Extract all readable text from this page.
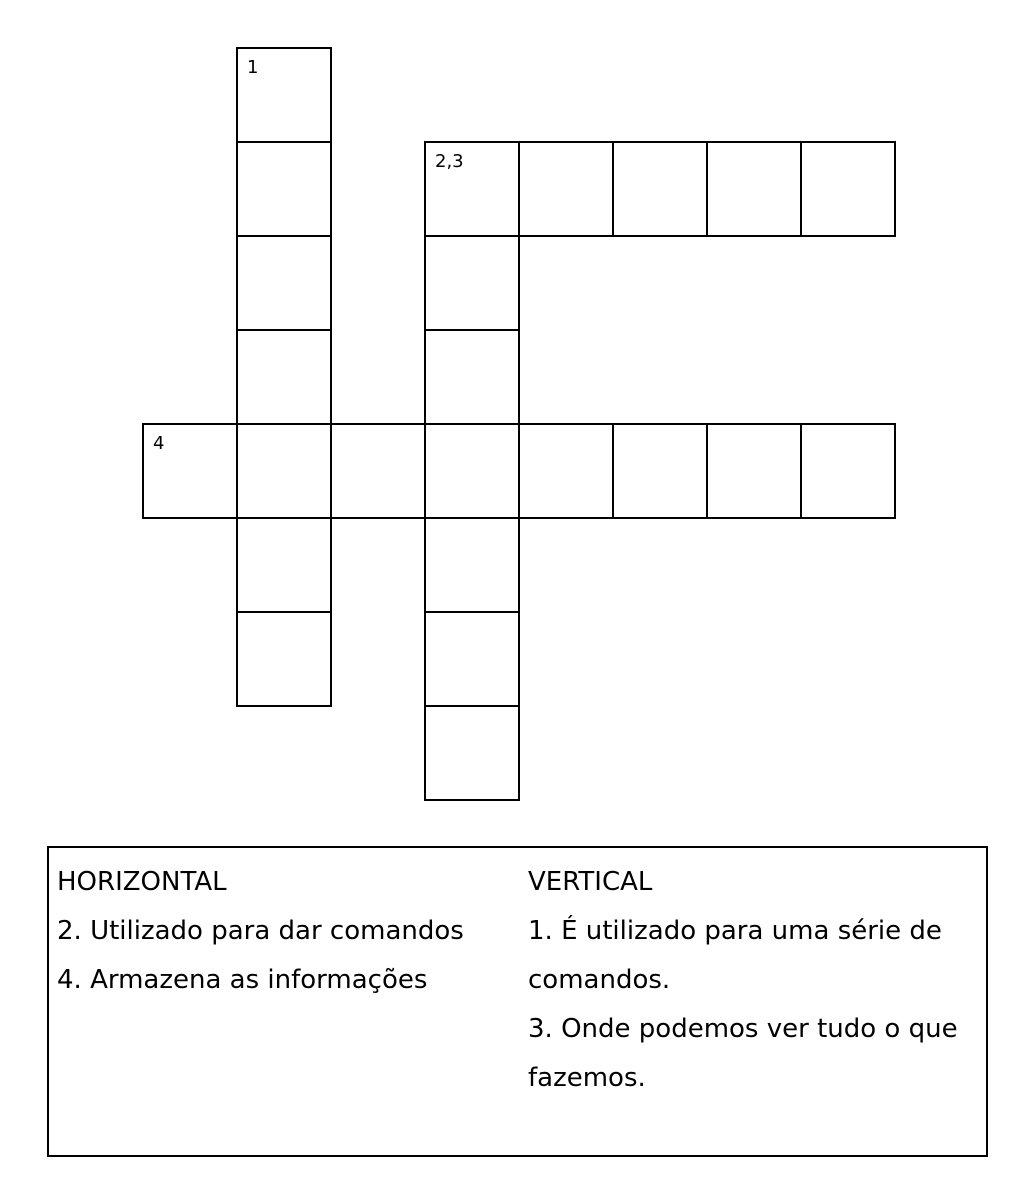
1
2,3
4
HORIZONTAL
2. Utilizado para dar comandos
4. Armazena as informações
VERTICAL
1. É utilizado para uma série de
comandos.
3. Onde podemos ver tudo o que
fazemos.
